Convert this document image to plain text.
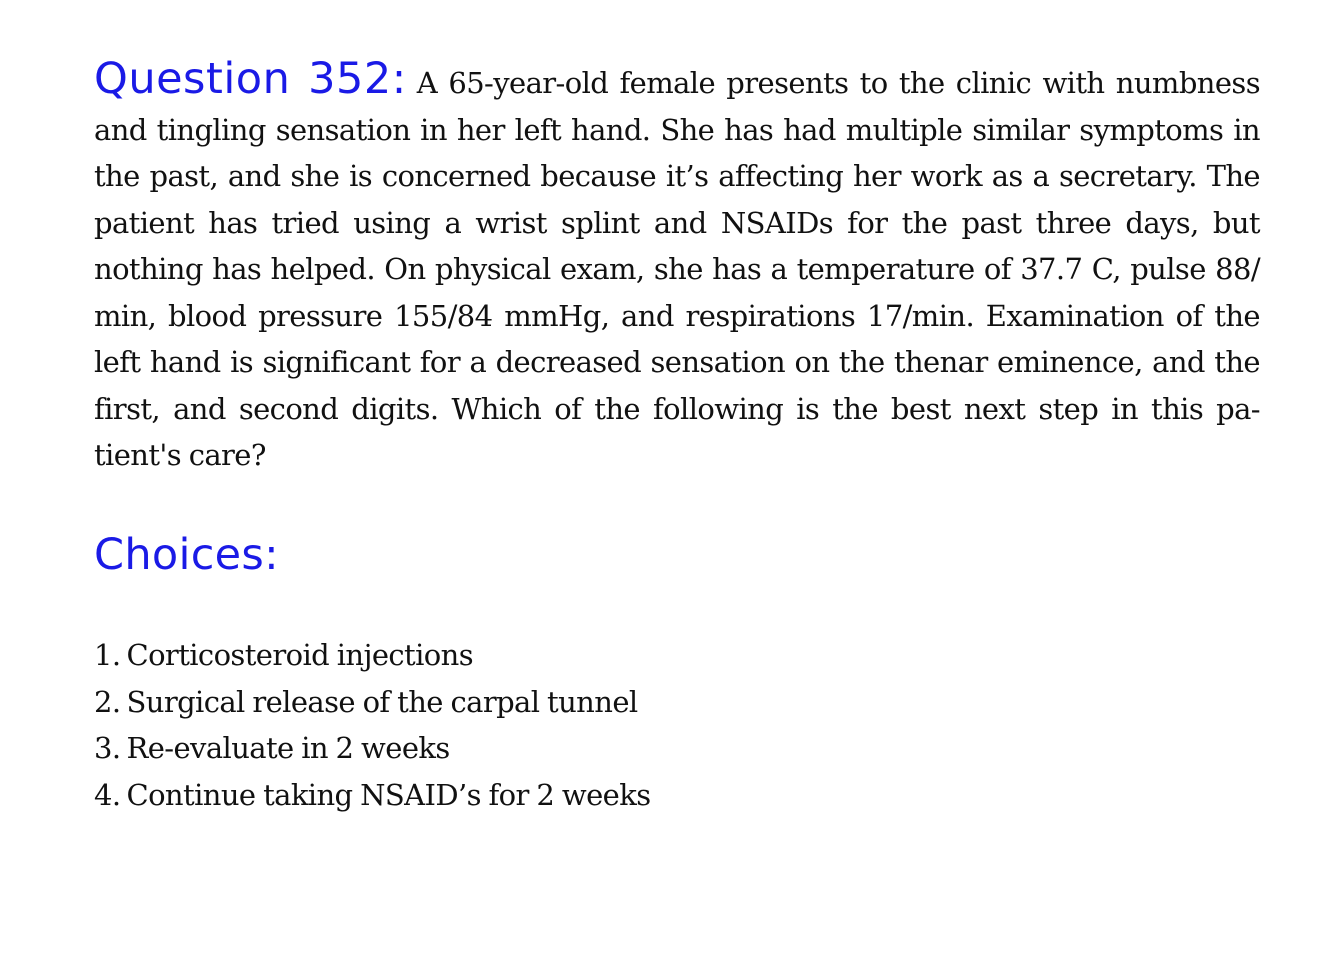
Question 352: A 65-year-old female presents to the clinic with numbness and tingling sensation in her left hand. She has had multiple similar symptoms in the past, and she is concerned because it’s affecting her work as a secretary. The patient has tried using a wrist splint and NSAIDs for the past three days, but nothing has helped. On physical exam, she has a temperature of 37.7 C, pulse 88/ min, blood pressure 155/84 mmHg, and respirations 17/min. Examination of the left hand is significant for a decreased sensation on the thenar eminence, and the first, and second digits. Which of the following is the best next step in this pa- tient's care?

Choices:
1. Corticosteroid injections
2. Surgical release of the carpal tunnel
3. Re-evaluate in 2 weeks
4. Continue taking NSAID’s for 2 weeks
